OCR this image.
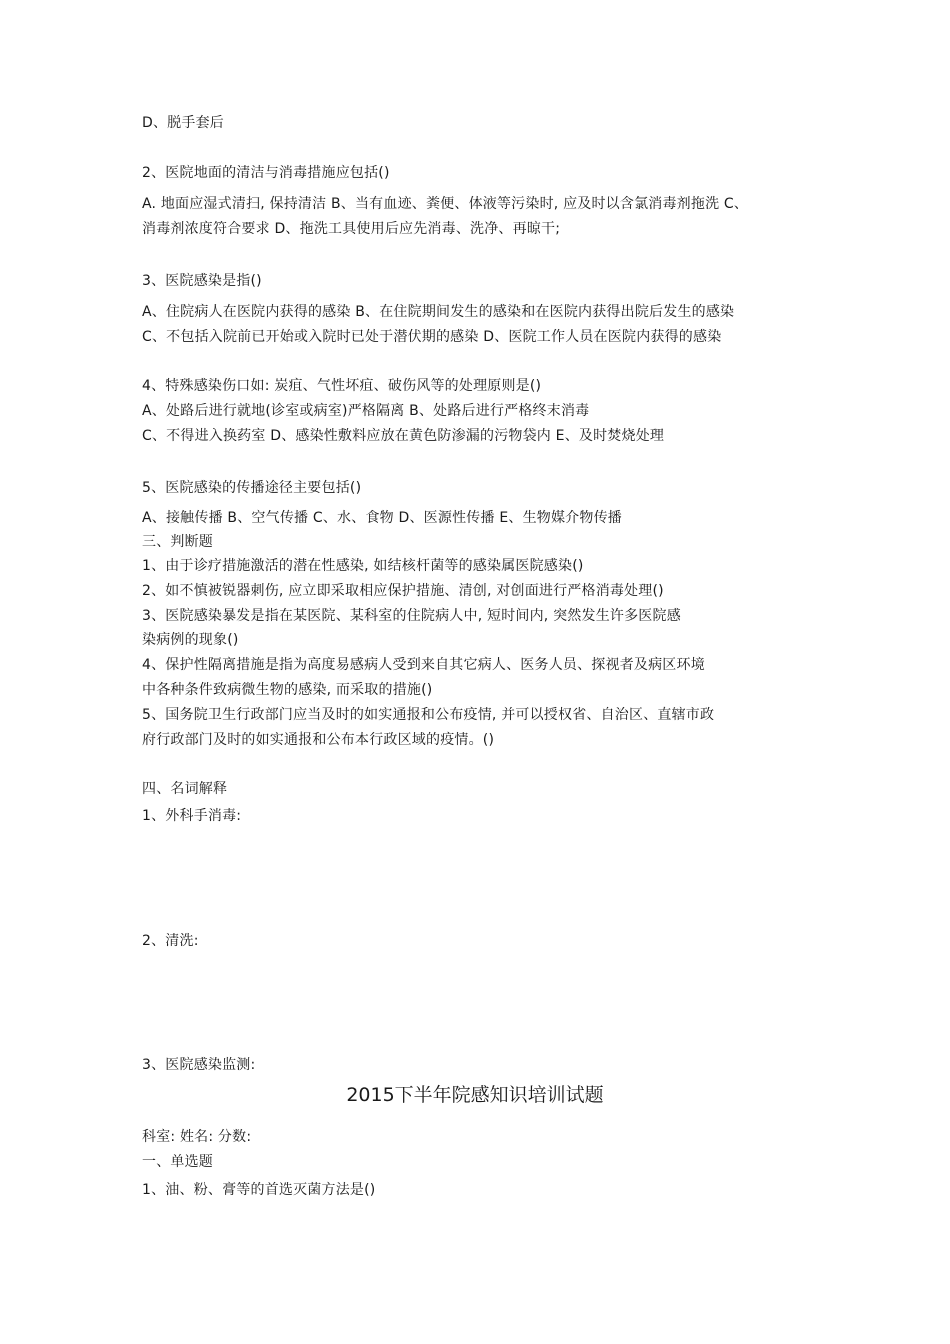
D、脱手套后
2、医院地面的清洁与消毒措施应包括()
A. 地面应湿式清扫, 保持清洁 B、当有血迹、粪便、体液等污染时, 应及时以含氯消毒剂拖洗 C、
消毒剂浓度符合要求 D、拖洗工具使用后应先消毒、洗净、再晾干;
3、医院感染是指()
A、住院病人在医院内获得的感染 B、在住院期间发生的感染和在医院内获得出院后发生的感染
C、不包括入院前已开始或入院时已处于潜伏期的感染 D、医院工作人员在医院内获得的感染
4、特殊感染伤口如: 炭疽、气性坏疽、破伤风等的处理原则是()
A、处路后进行就地(诊室或病室)严格隔离 B、处路后进行严格终末消毒
C、不得进入换药室 D、感染性敷料应放在黄色防渗漏的污物袋内 E、及时焚烧处理
5、医院感染的传播途径主要包括()
A、接触传播 B、空气传播 C、水、食物 D、医源性传播 E、生物媒介物传播
三、判断题
1、由于诊疗措施激活的潜在性感染, 如结核杆菌等的感染属医院感染()
2、如不慎被锐器刺伤, 应立即采取相应保护措施、清创, 对创面进行严格消毒处理()
3、医院感染暴发是指在某医院、某科室的住院病人中, 短时间内, 突然发生许多医院感
染病例的现象()
4、保护性隔离措施是指为高度易感病人受到来自其它病人、医务人员、探视者及病区环境
中各种条件致病微生物的感染, 而采取的措施()
5、国务院卫生行政部门应当及时的如实通报和公布疫情, 并可以授权省、自治区、直辖市政
府行政部门及时的如实通报和公布本行政区域的疫情。()
四、名词解释
1、外科手消毒:
2、清洗:
3、医院感染监测:
2015下半年院感知识培训试题
科室: 姓名: 分数:
一、单选题
1、油、粉、膏等的首选灭菌方法是()
